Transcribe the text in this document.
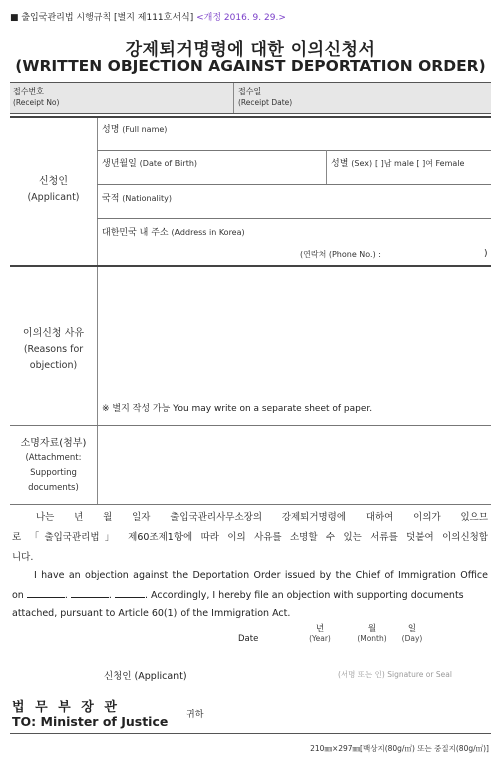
■ 출입국관리법 시행규칙 [별지 제111호서식] <개정 2016. 9. 29.>
강제퇴거명령에 대한 이의신청서
(WRITTEN OBJECTION AGAINST DEPORTATION ORDER)
접수번호
(Receipt No)
접수일
(Receipt Date)
신청인
(Applicant)
성명 (Full name)
생년월일 (Date of Birth)	성별 (Sex) [ ]남 male [ ]여 Female
국적 (Nationality)
대한민국 내 주소 (Address in Korea)
(연락처 (Phone No.) :	)
이의신청 사유
(Reasons for
objection)
※ 별지 작성 가능 You may write on a separate sheet of paper.
소명자료(첨부)
(Attachment:
Supporting
documents)
나는 년 월 일자 출입국관리사무소장의 강제퇴거명령에 대하여 이의가 있으므
로 「출입국관리법」 제60조제1항에 따라 이의 사유를 소명할 수 있는 서류를 덧붙여 이의신청합
니다.
I have an objection against the Deportation Order issued by the Chief of Immigration Office
on	.	.	. Accordingly, I hereby file an objection with supporting documents
attached, pursuant to Article 60(1) of the Immigration Act.
Date
년
(Year)
월
(Month)
일
(Day)
신청인 (Applicant)	(서명 또는 인) Signature or Seal
법 무 부 장 관
TO: Minister of Justice 귀하
210㎜×297㎜[백상지(80g/㎡) 또는 중질지(80g/㎡)]
